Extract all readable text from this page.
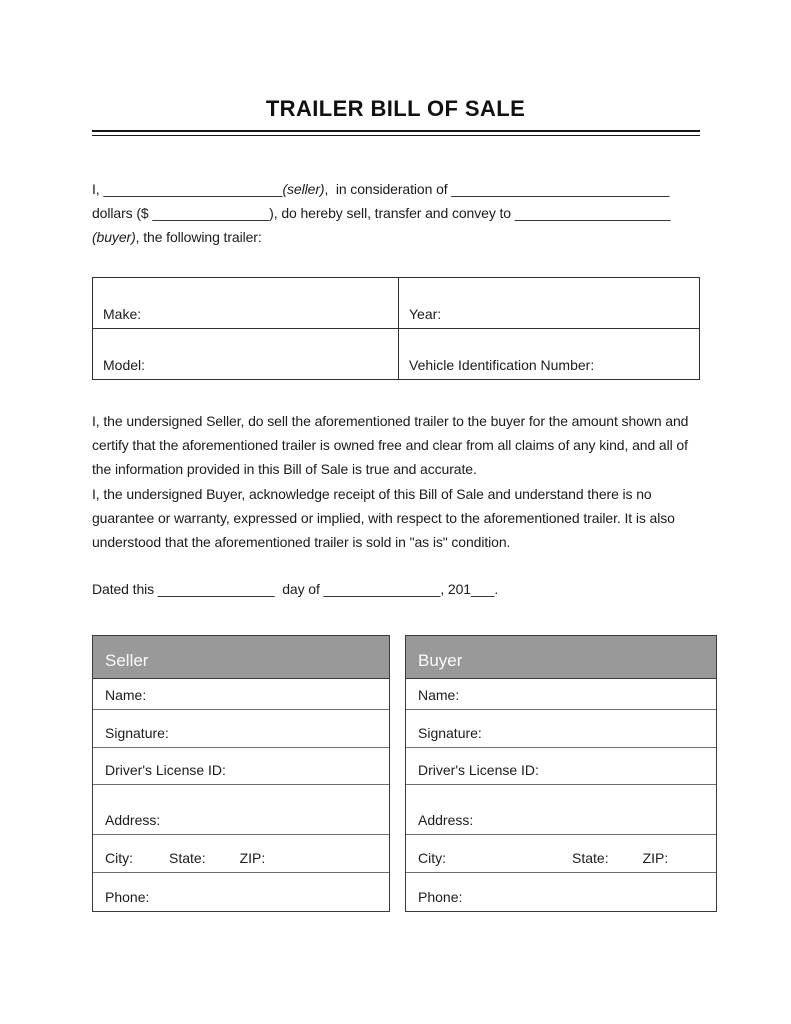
TRAILER BILL OF SALE
I, _______________________(seller),  in consideration of ____________________________
dollars ($ _______________), do hereby sell, transfer and convey to ____________________
(buyer), the following trailer:
Make:	Year:
Model:	Vehicle Identification Number:
I, the undersigned Seller, do sell the aforementioned trailer to the buyer for the amount shown and certify that the aforementioned trailer is owned free and clear from all claims of any kind, and all of the information provided in this Bill of Sale is true and accurate.
I, the undersigned Buyer, acknowledge receipt of this Bill of Sale and understand there is no guarantee or warranty, expressed or implied, with respect to the aforementioned trailer. It is also understood that the aforementioned trailer is sold in "as is" condition.
Dated this _______________  day of _______________, 201___.
Seller
Name:
Signature:
Driver's License ID:
Address:
City:	State: ZIP:
Phone:
Buyer
Name:
Signature:
Driver's License ID:
Address:
City:	State: ZIP:
Phone:
